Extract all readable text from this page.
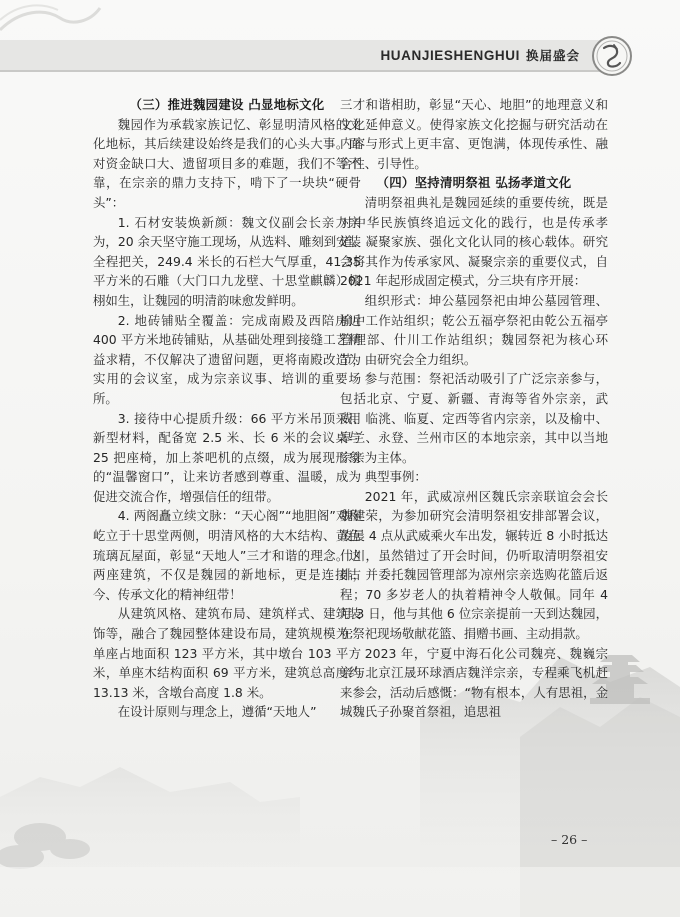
HUANJIESHENGHUI 换届盛会

（三）推进魏园建设 凸显地标文化

魏园作为承载家族记忆、彰显明清风格的文化地标，其后续建设始终是我们的心头大事。面对资金缺口大、遗留项目多的难题，我们不等不靠，在宗亲的鼎力支持下，啃下了一块块“硬骨头”：

1. 石材安装焕新颜：魏文仪副会长亲力亲为，20 余天坚守施工现场，从选料、雕刻到安装全程把关，249.4 米长的石栏大气厚重，41.35 平方米的石雕（大门口九龙壁、十思堂麒麟）栩栩如生，让魏园的明清韵味愈发鲜明。

2. 地砖铺贴全覆盖：完成南殿及西陪房近 400 平方米地砖铺贴，从基础处理到接缝工艺精益求精，不仅解决了遗留问题，更将南殿改造为实用的会议室，成为宗亲议事、培训的重要场所。

3. 接待中心提质升级：66 平方米吊顶采用新型材料，配备宽 2.5 米、长 6 米的会议桌与 25 把座椅，加上茶吧机的点缀，成为展现形象的“温馨窗口”，让来访者感到尊重、温暖，成为促进交流合作，增强信任的纽带。

4. 两阁矗立续文脉：“天心阁”“地胆阁”对称屹立于十思堂两侧，明清风格的大木结构、黄色琉璃瓦屋面，彰显“天地人”三才和谐的理念。这两座建筑，不仅是魏园的新地标，更是连接古今、传承文化的精神纽带！

从建筑风格、建筑布局、建筑样式、建筑装饰等，融合了魏园整体建设布局，建筑规模为：单座占地面积 123 平方米，其中墩台 103 平方米，单座木结构面积 69 平方米，建筑总高度约 13.13 米，含墩台高度 1.8 米。

在设计原则与理念上，遵循“天地人”

三才和谐相助，彰显“天心、地胆”的地理意义和文化延伸意义。使得家族文化挖掘与研究活动在内容与形式上更丰富、更饱满，体现传承性、融合性、引导性。

（四）坚持清明祭祖 弘扬孝道文化

清明祭祖典礼是魏园延续的重要传统，既是对中华民族慎终追远文化的践行，也是传承孝道、凝聚家族、强化文化认同的核心载体。研究会将其作为传承家风、凝聚宗亲的重要仪式，自 2021 年起形成固定模式，分三块有序开展：

组织形式：坤公墓园祭祀由坤公墓园管理、榆中工作站组织；乾公五福亭祭祀由乾公五福亭管理部、什川工作站组织；魏园祭祀为核心环节，由研究会全力组织。

参与范围：祭祀活动吸引了广泛宗亲参与，包括北京、宁夏、新疆、青海等省外宗亲，武威、临洮、临夏、定西等省内宗亲，以及榆中、皋兰、永登、兰州市区的本地宗亲，其中以当地宗亲为主体。

典型事例：

2021 年，武威凉州区魏氏宗亲联谊会会长魏建荣，为参加研究会清明祭祖安排部署会议，凌晨 4 点从武威乘火车出发，辗转近 8 小时抵达什川，虽然错过了开会时间，仍听取清明祭祖安排，并委托魏园管理部为凉州宗亲选购花篮后返程；70 多岁老人的执着精神令人敬佩。同年 4 月 3 日，他与其他 6 位宗亲提前一天到达魏园，在祭祀现场敬献花篮、捐赠书画、主动捐款。

2023 年，宁夏中海石化公司魏亮、魏巍宗亲与北京江晟环球酒店魏洋宗亲，专程乘飞机赶来参会，活动后感慨：“物有根本，人有思祖，金城魏氏子孙聚首祭祖，追思祖

– 26 –
